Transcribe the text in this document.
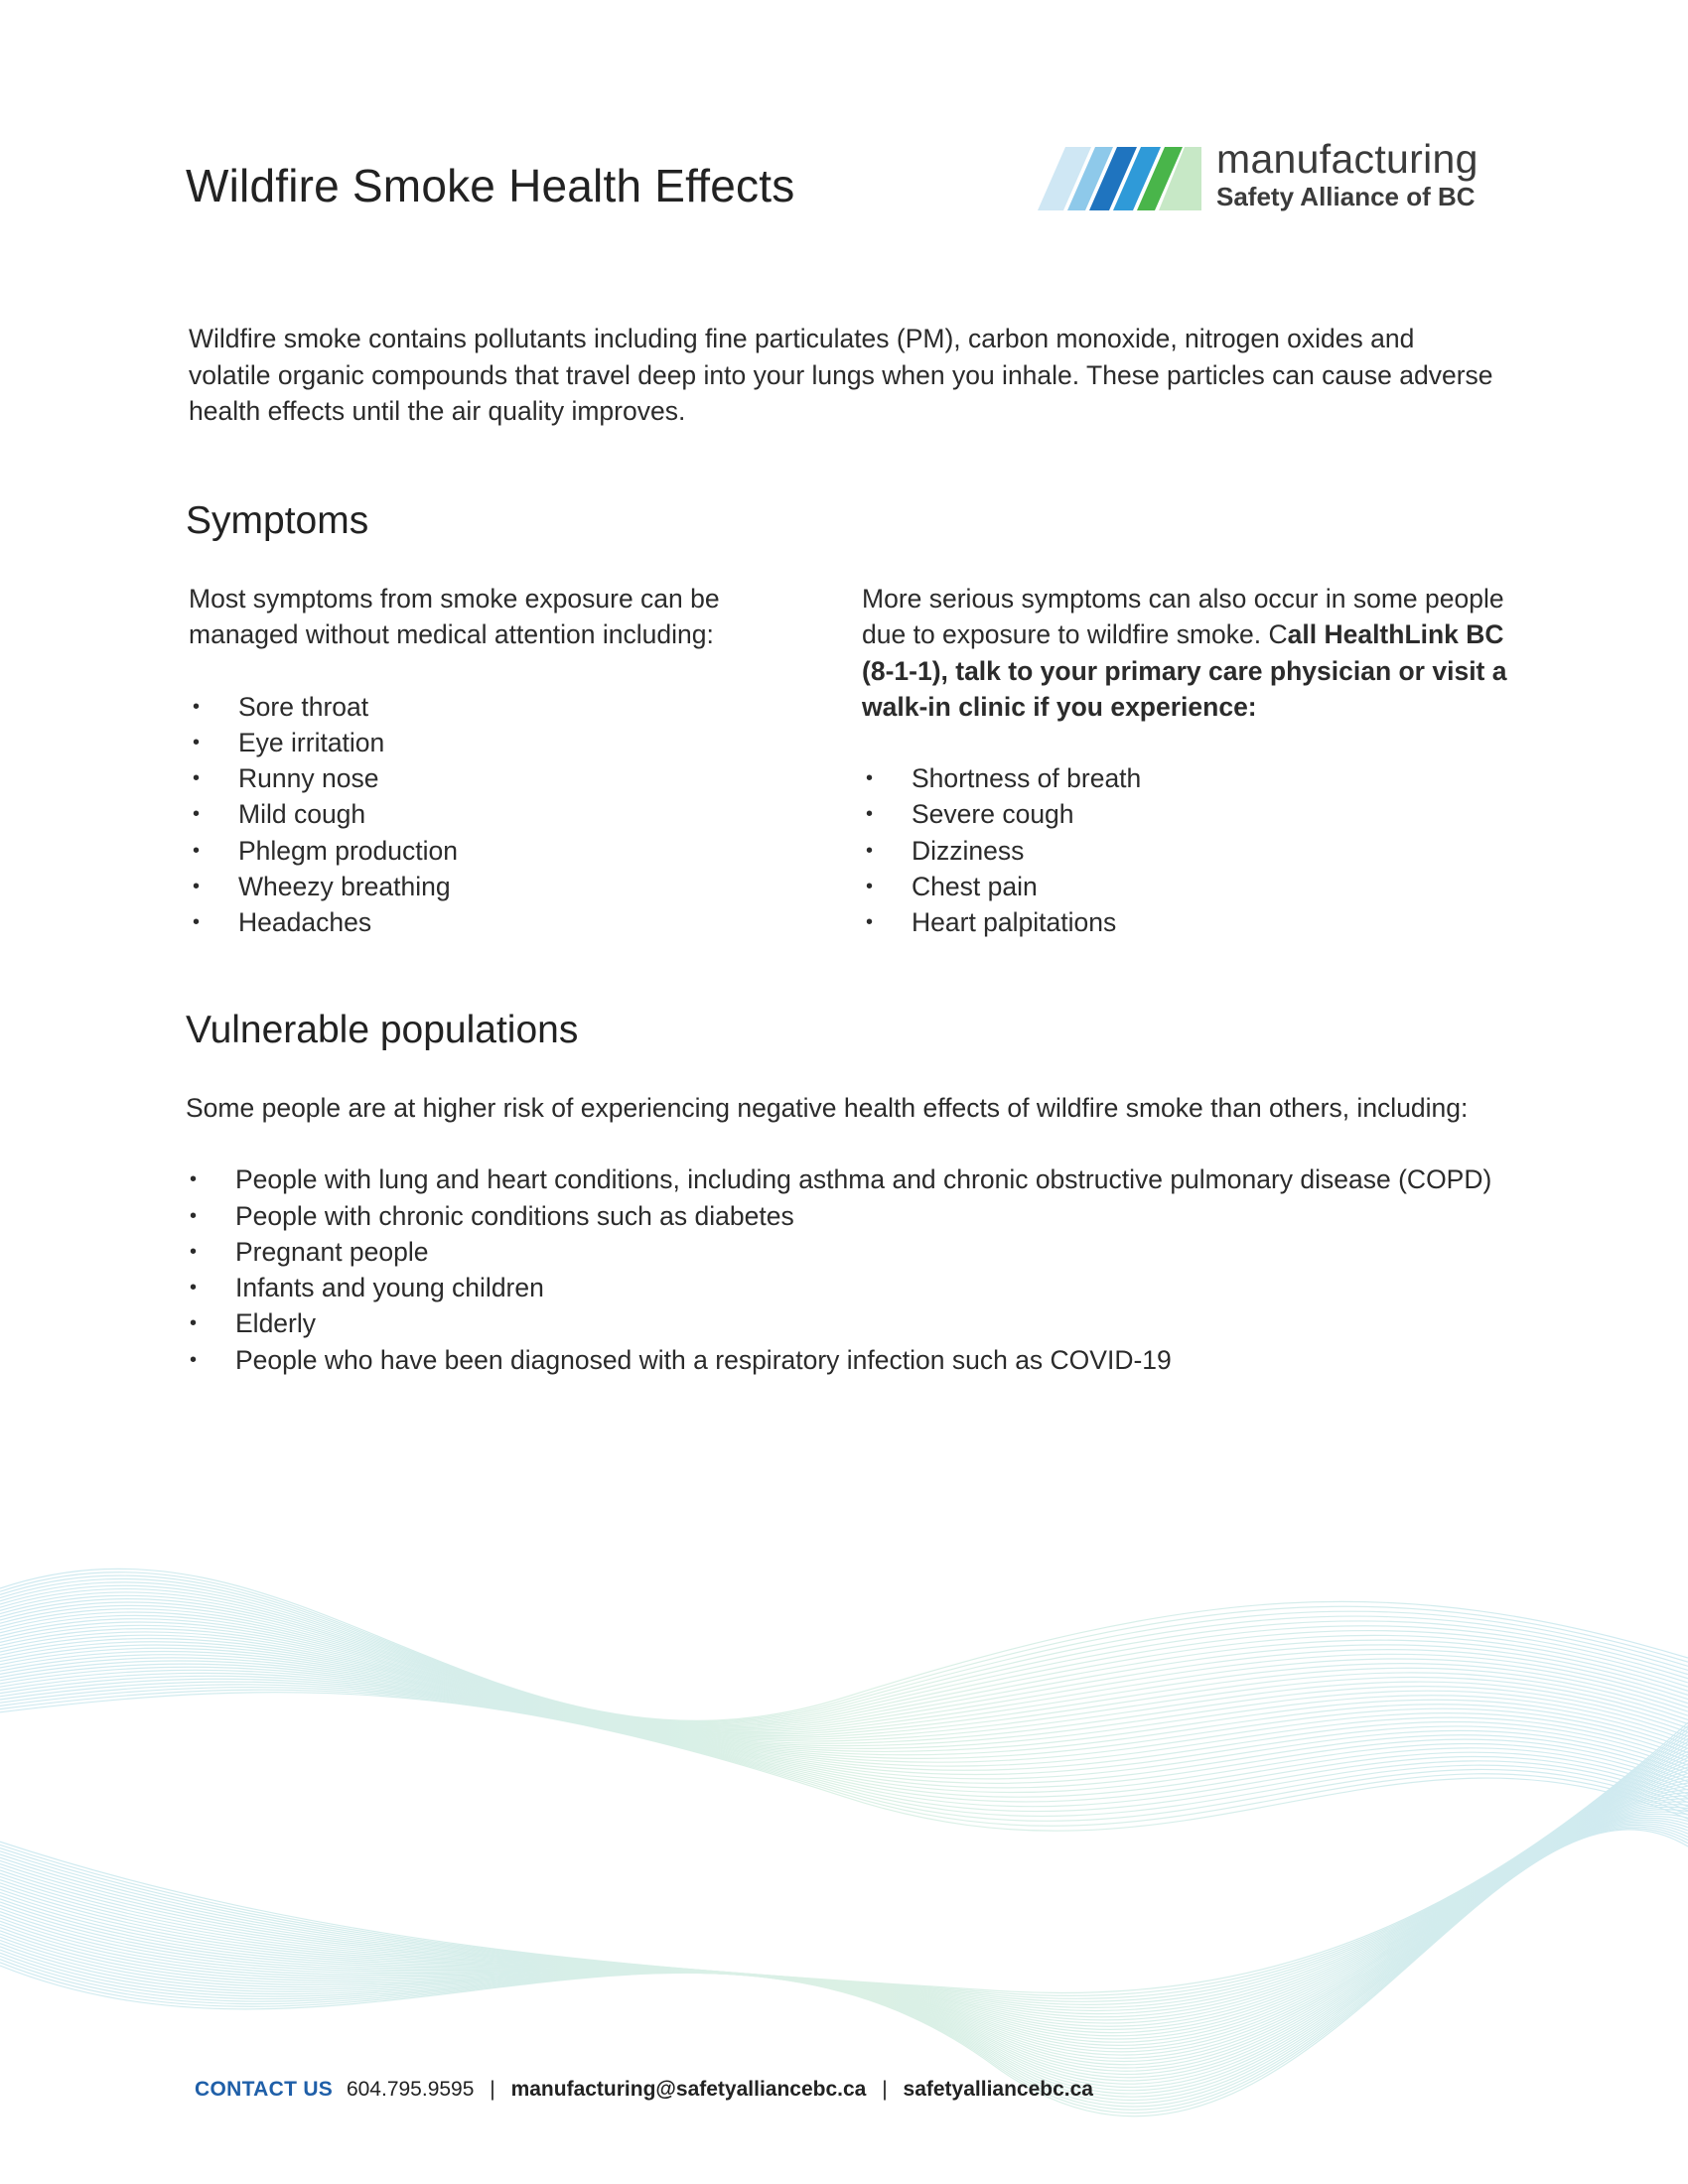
Wildfire Smoke Health Effects
manufacturing
Safety Alliance of BC

Wildfire smoke contains pollutants including fine particulates (PM), carbon monoxide, nitrogen oxides and volatile organic compounds that travel deep into your lungs when you inhale. These particles can cause adverse health effects until the air quality improves.

Symptoms

Most symptoms from smoke exposure can be managed without medical attention including:

• Sore throat
• Eye irritation
• Runny nose
• Mild cough
• Phlegm production
• Wheezy breathing
• Headaches

More serious symptoms can also occur in some people due to exposure to wildfire smoke. Call HealthLink BC (8-1-1), talk to your primary care physician or visit a walk-in clinic if you experience:

• Shortness of breath
• Severe cough
• Dizziness
• Chest pain
• Heart palpitations
Vulnerable populations

Some people are at higher risk of experiencing negative health effects of wildfire smoke than others, including:

• People with lung and heart conditions, including asthma and chronic obstructive pulmonary disease (COPD)
• People with chronic conditions such as diabetes
• Pregnant people
• Infants and young children
• Elderly
• People who have been diagnosed with a respiratory infection such as COVID-19
CONTACT US 604.795.9595 | manufacturing@safetyalliancebc.ca | safetyalliancebc.ca
